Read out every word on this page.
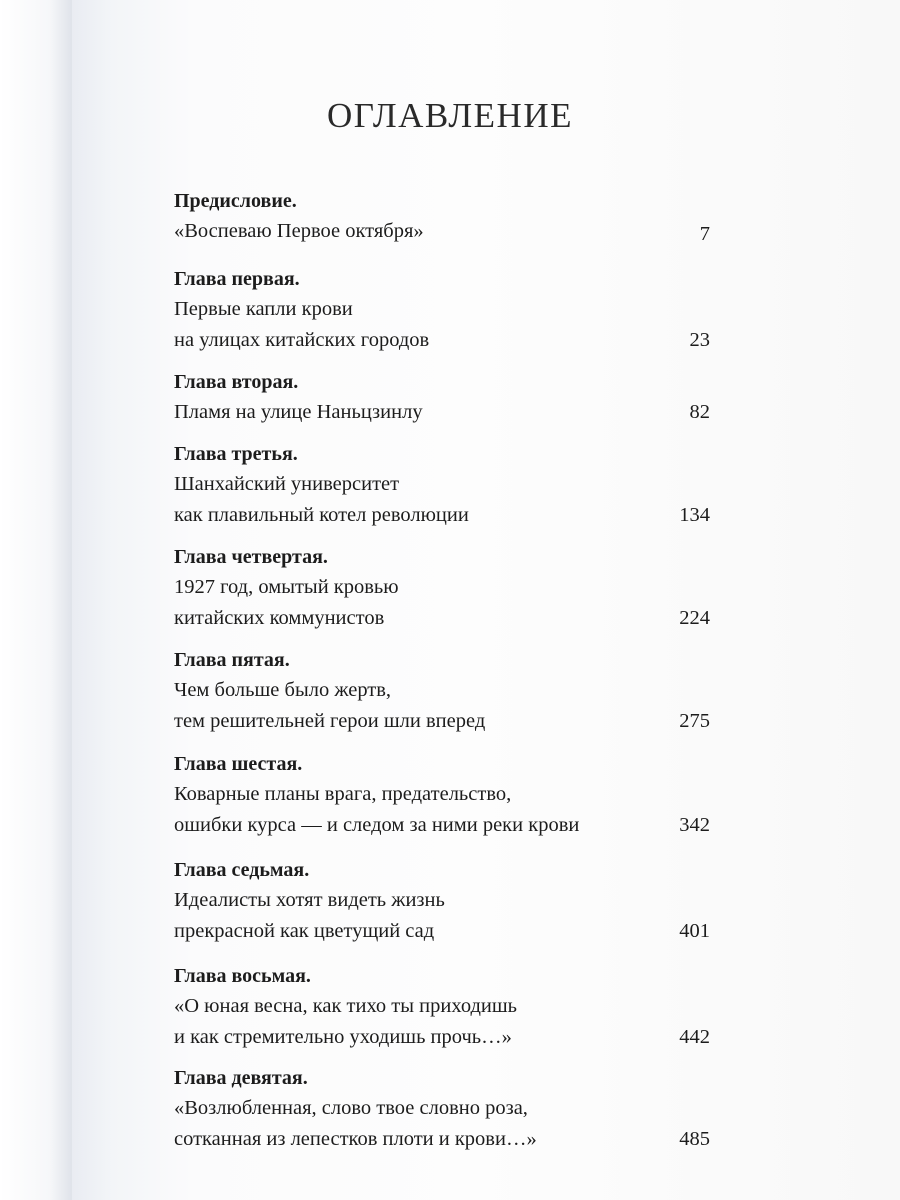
ОГЛАВЛЕНИЕ
Предисловие.
«Воспеваю Первое октября»	7
Глава первая.
Первые капли крови
на улицах китайских городов	23
Глава вторая.
Пламя на улице Наньцзинлу	82
Глава третья.
Шанхайский университет
как плавильный котел революции	134
Глава четвертая.
1927 год, омытый кровью
китайских коммунистов	224
Глава пятая.
Чем больше было жертв,
тем решительней герои шли вперед	275
Глава шестая.
Коварные планы врага, предательство,
ошибки курса — и следом за ними реки крови	342
Глава седьмая.
Идеалисты хотят видеть жизнь
прекрасной как цветущий сад	401
Глава восьмая.
«О юная весна, как тихо ты приходишь
и как стремительно уходишь прочь…»	442
Глава девятая.
«Возлюбленная, слово твое словно роза,
сотканная из лепестков плоти и крови…»	485
